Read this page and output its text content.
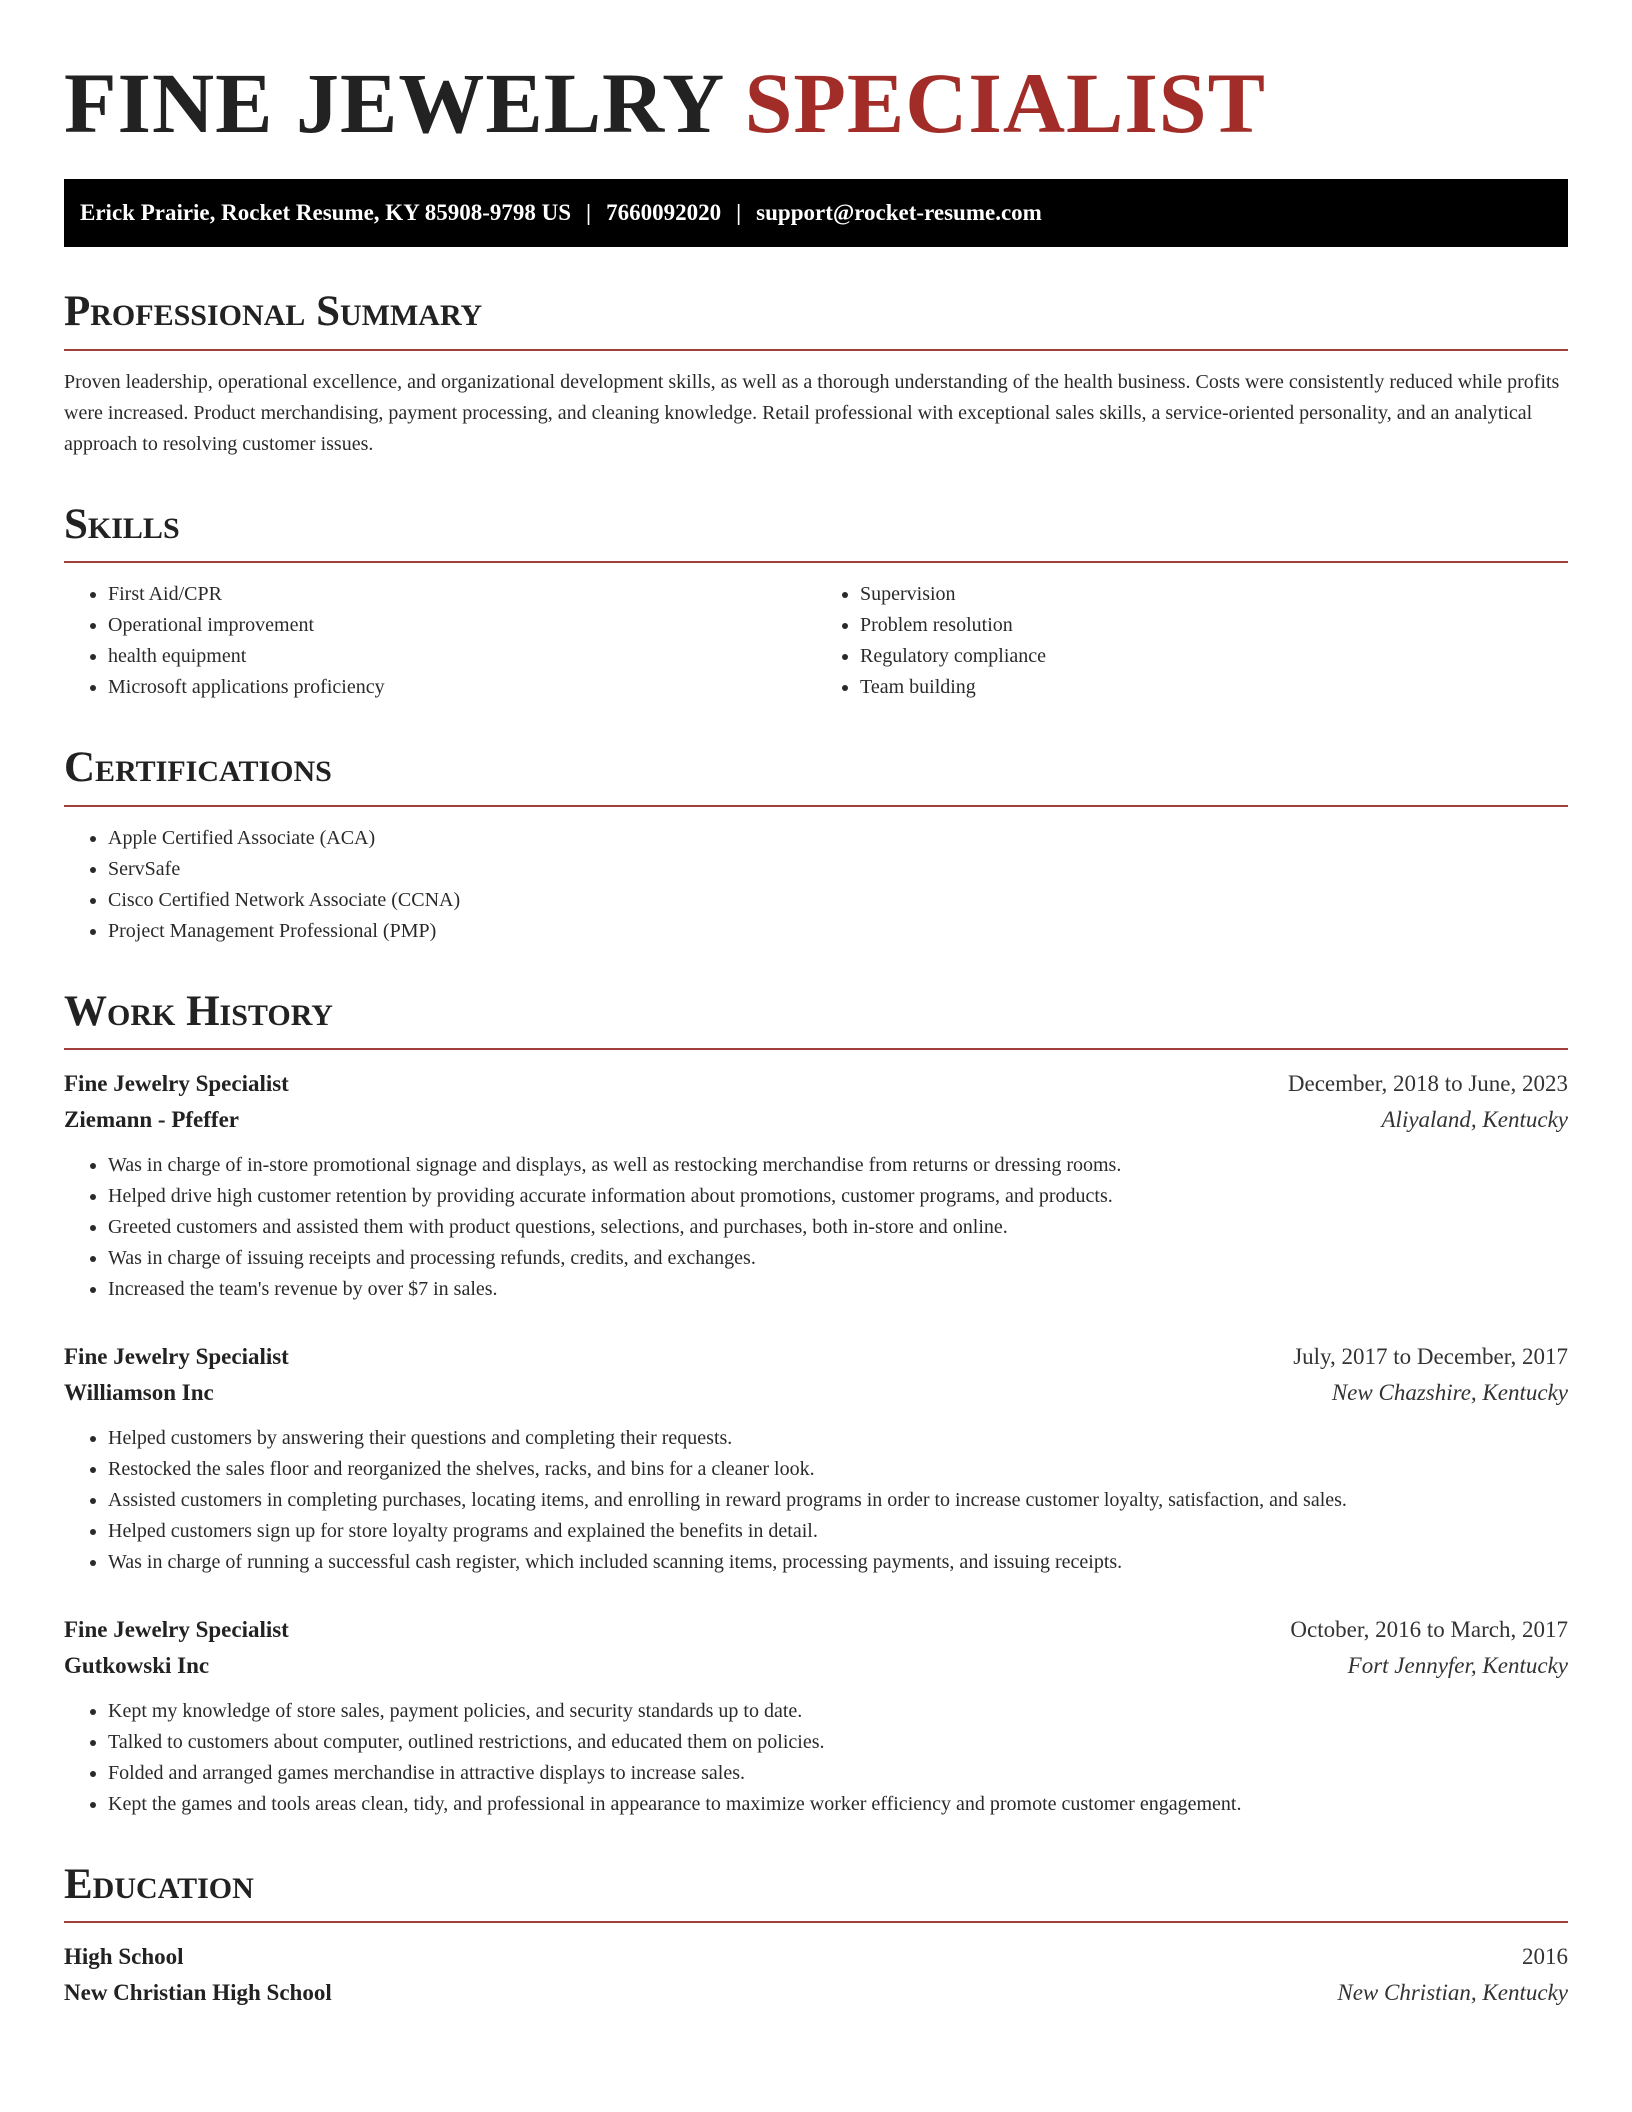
FINE JEWELRY SPECIALIST
Erick Prairie, Rocket Resume, KY 85908-9798 US | 7660092020 | support@rocket-resume.com
Professional Summary

Proven leadership, operational excellence, and organizational development skills, as well as a thorough understanding of the health business. Costs were consistently reduced while profits were increased. Product merchandising, payment processing, and cleaning knowledge. Retail professional with exceptional sales skills, a service-oriented personality, and an analytical approach to resolving customer issues.

Skills
• First Aid/CPR
• Operational improvement
• health equipment
• Microsoft applications proficiency
• Supervision
• Problem resolution
• Regulatory compliance
• Team building
Certifications
• Apple Certified Associate (ACA)
• ServSafe
• Cisco Certified Network Associate (CCNA)
• Project Management Professional (PMP)
Work History
Fine Jewelry Specialist	December, 2018 to June, 2023
Ziemann - Pfeffer	Aliyaland, Kentucky
• Was in charge of in-store promotional signage and displays, as well as restocking merchandise from returns or dressing rooms.
• Helped drive high customer retention by providing accurate information about promotions, customer programs, and products.
• Greeted customers and assisted them with product questions, selections, and purchases, both in-store and online.
• Was in charge of issuing receipts and processing refunds, credits, and exchanges.
• Increased the team's revenue by over $7 in sales.
Fine Jewelry Specialist	July, 2017 to December, 2017
Williamson Inc	New Chazshire, Kentucky
• Helped customers by answering their questions and completing their requests.
• Restocked the sales floor and reorganized the shelves, racks, and bins for a cleaner look.
• Assisted customers in completing purchases, locating items, and enrolling in reward programs in order to increase customer loyalty, satisfaction, and sales.
• Helped customers sign up for store loyalty programs and explained the benefits in detail.
• Was in charge of running a successful cash register, which included scanning items, processing payments, and issuing receipts.
Fine Jewelry Specialist	October, 2016 to March, 2017
Gutkowski Inc	Fort Jennyfer, Kentucky
• Kept my knowledge of store sales, payment policies, and security standards up to date.
• Talked to customers about computer, outlined restrictions, and educated them on policies.
• Folded and arranged games merchandise in attractive displays to increase sales.
• Kept the games and tools areas clean, tidy, and professional in appearance to maximize worker efficiency and promote customer engagement.
Education
High School	2016
New Christian High School	New Christian, Kentucky
